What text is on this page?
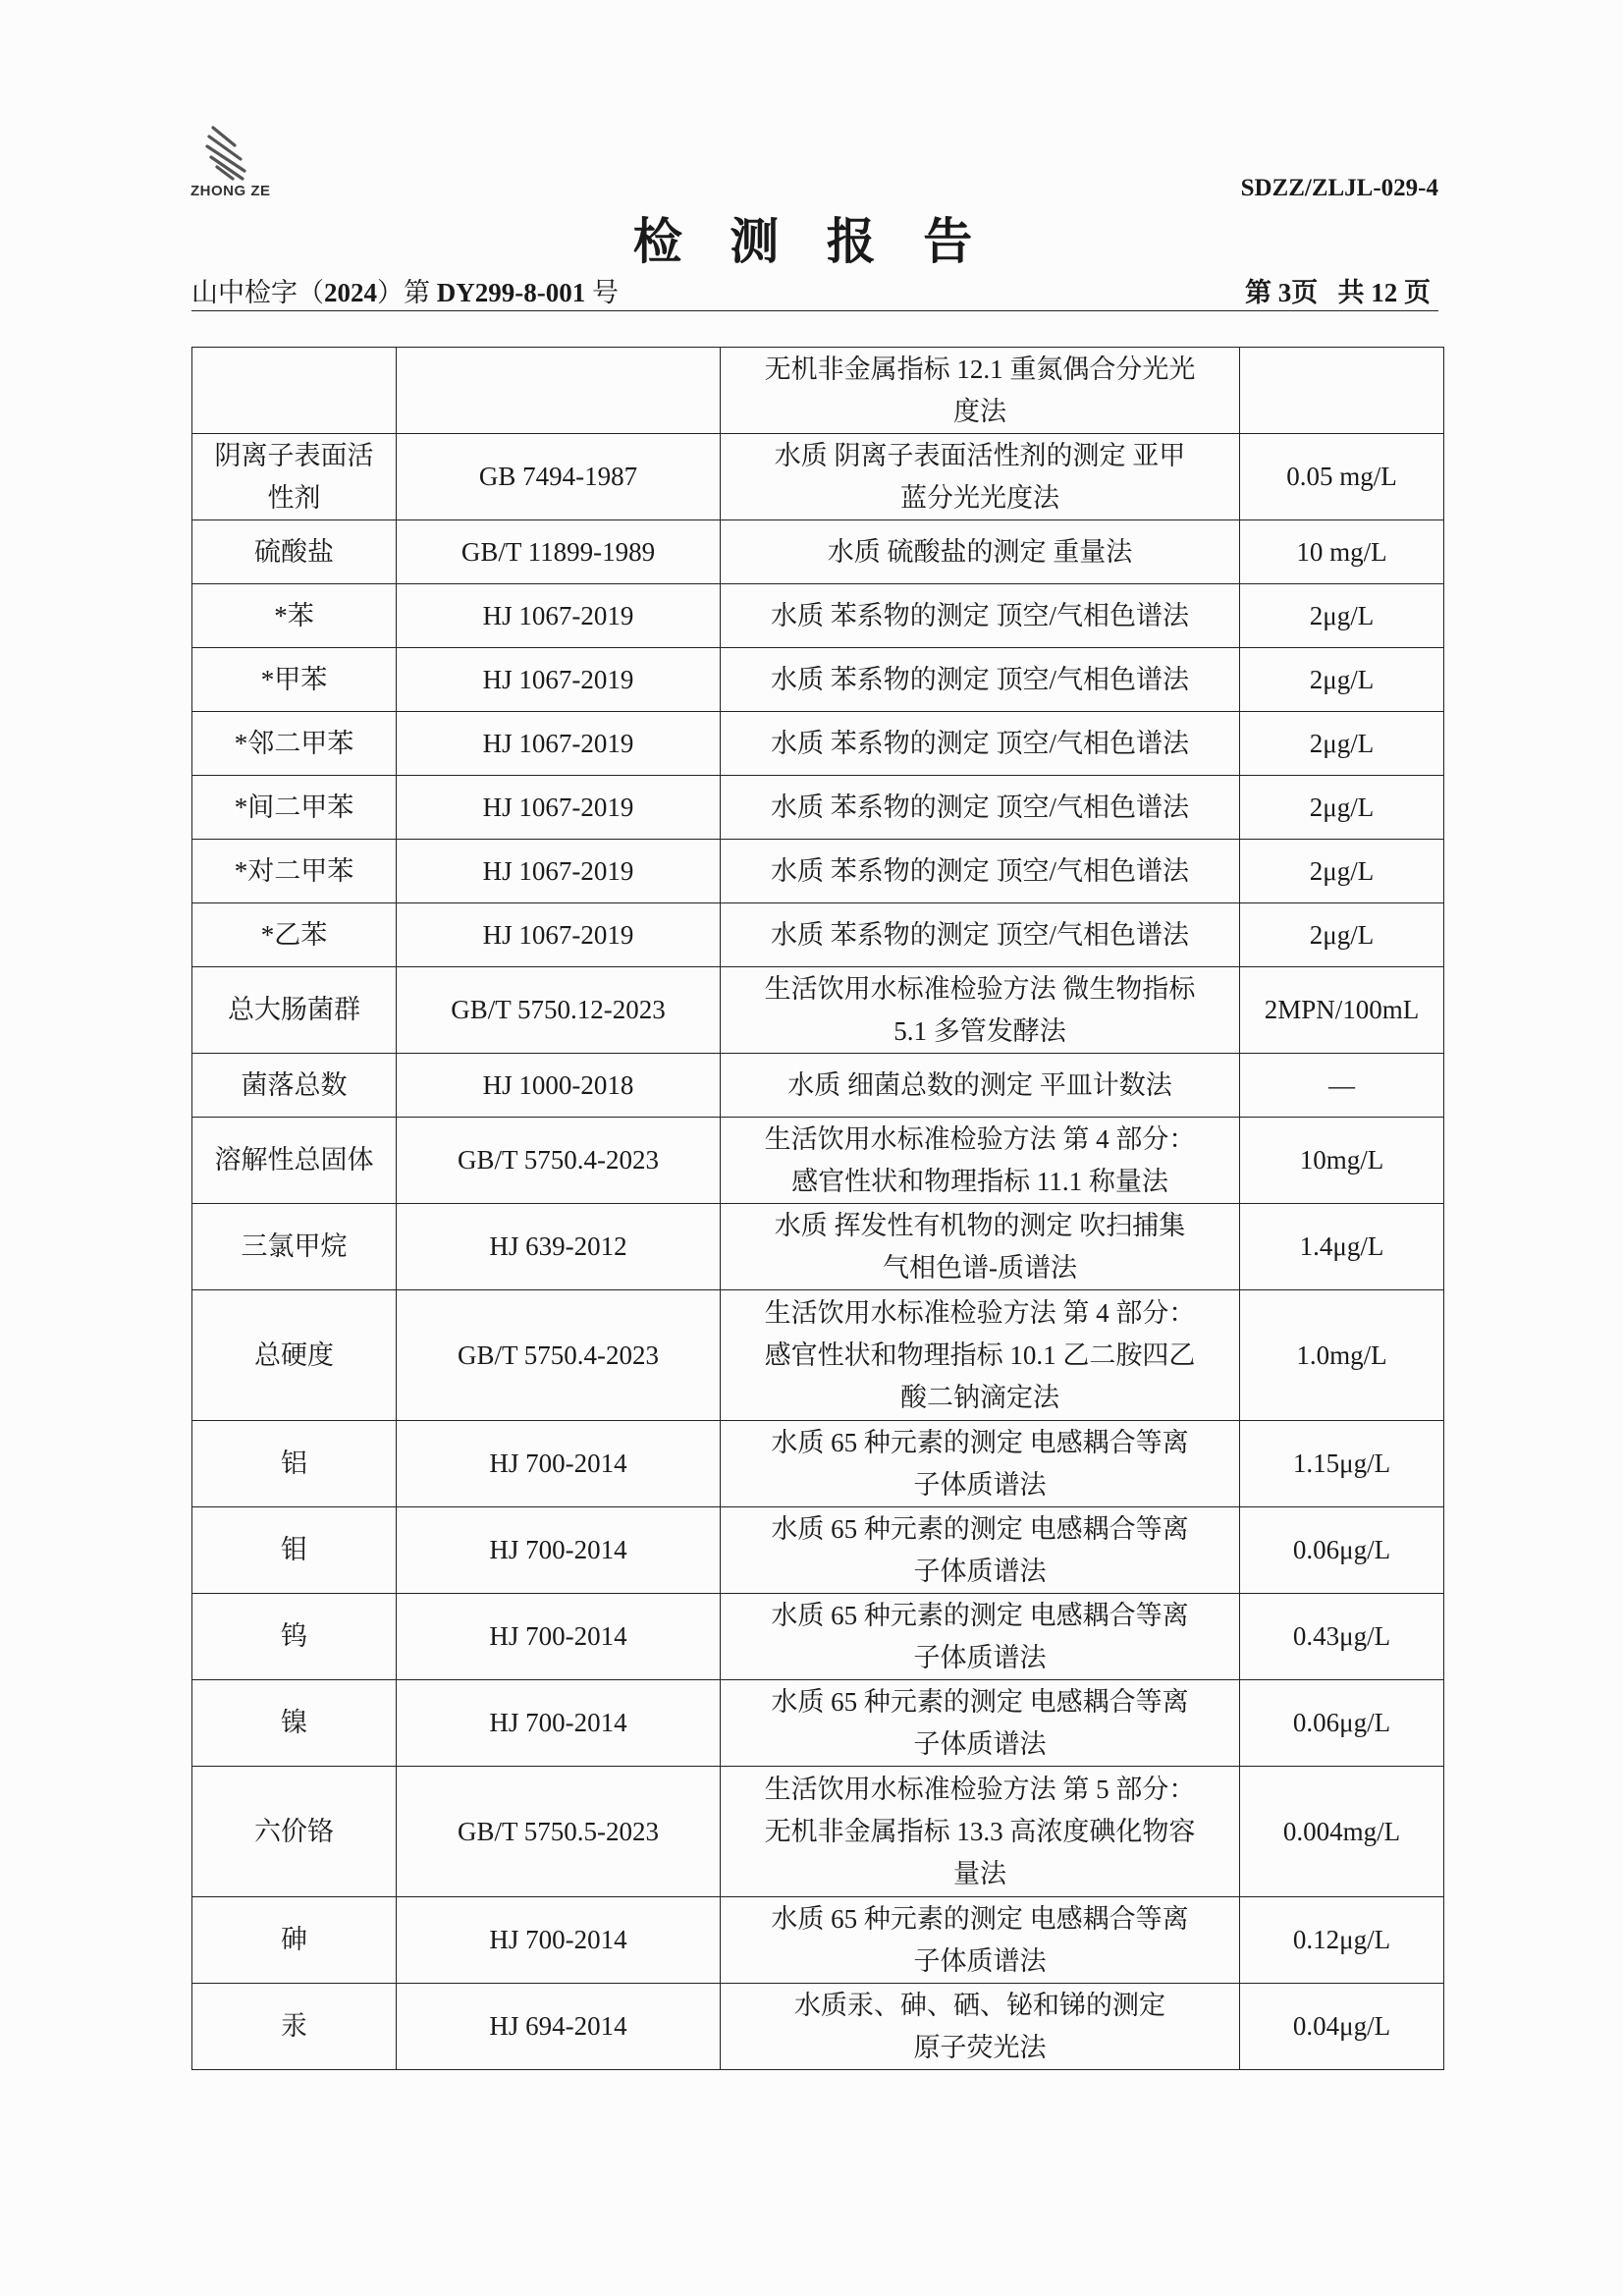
ZHONG ZE	SDZZ/ZLJL-029-4
检 测 报 告
山中检字（2024）第 DY299-8-001 号	第 3页 共 12 页

		无机非金属指标 12.1 重氮偶合分光光
度法	

阴离子表面活
性剂	GB 7494-1987	水质 阴离子表面活性剂的测定 亚甲
蓝分光光度法	0.05 mg/L

硫酸盐	GB/T 11899-1989	水质 硫酸盐的测定 重量法	10 mg/L

*苯	HJ 1067-2019	水质 苯系物的测定 顶空/气相色谱法	2μg/L

*甲苯	HJ 1067-2019	水质 苯系物的测定 顶空/气相色谱法	2μg/L

*邻二甲苯	HJ 1067-2019	水质 苯系物的测定 顶空/气相色谱法	2μg/L

*间二甲苯	HJ 1067-2019	水质 苯系物的测定 顶空/气相色谱法	2μg/L

*对二甲苯	HJ 1067-2019	水质 苯系物的测定 顶空/气相色谱法	2μg/L

*乙苯	HJ 1067-2019	水质 苯系物的测定 顶空/气相色谱法	2μg/L

总大肠菌群	GB/T 5750.12-2023	生活饮用水标准检验方法 微生物指标
5.1 多管发酵法	2MPN/100mL

菌落总数	HJ 1000-2018	水质 细菌总数的测定 平皿计数法	—

溶解性总固体	GB/T 5750.4-2023	生活饮用水标准检验方法 第 4 部分：
感官性状和物理指标 11.1 称量法	10mg/L

三氯甲烷	HJ 639-2012	水质 挥发性有机物的测定 吹扫捕集
气相色谱-质谱法	1.4μg/L

总硬度	GB/T 5750.4-2023	生活饮用水标准检验方法 第 4 部分：
感官性状和物理指标 10.1 乙二胺四乙
酸二钠滴定法	1.0mg/L

铝	HJ 700-2014	水质 65 种元素的测定 电感耦合等离
子体质谱法	1.15μg/L

钼	HJ 700-2014	水质 65 种元素的测定 电感耦合等离
子体质谱法	0.06μg/L

钨	HJ 700-2014	水质 65 种元素的测定 电感耦合等离
子体质谱法	0.43μg/L

镍	HJ 700-2014	水质 65 种元素的测定 电感耦合等离
子体质谱法	0.06μg/L

六价铬	GB/T 5750.5-2023	生活饮用水标准检验方法 第 5 部分：
无机非金属指标 13.3 高浓度碘化物容
量法	0.004mg/L

砷	HJ 700-2014	水质 65 种元素的测定 电感耦合等离
子体质谱法	0.12μg/L

汞	HJ 694-2014	水质汞、砷、硒、铋和锑的测定
原子荧光法	0.04μg/L
